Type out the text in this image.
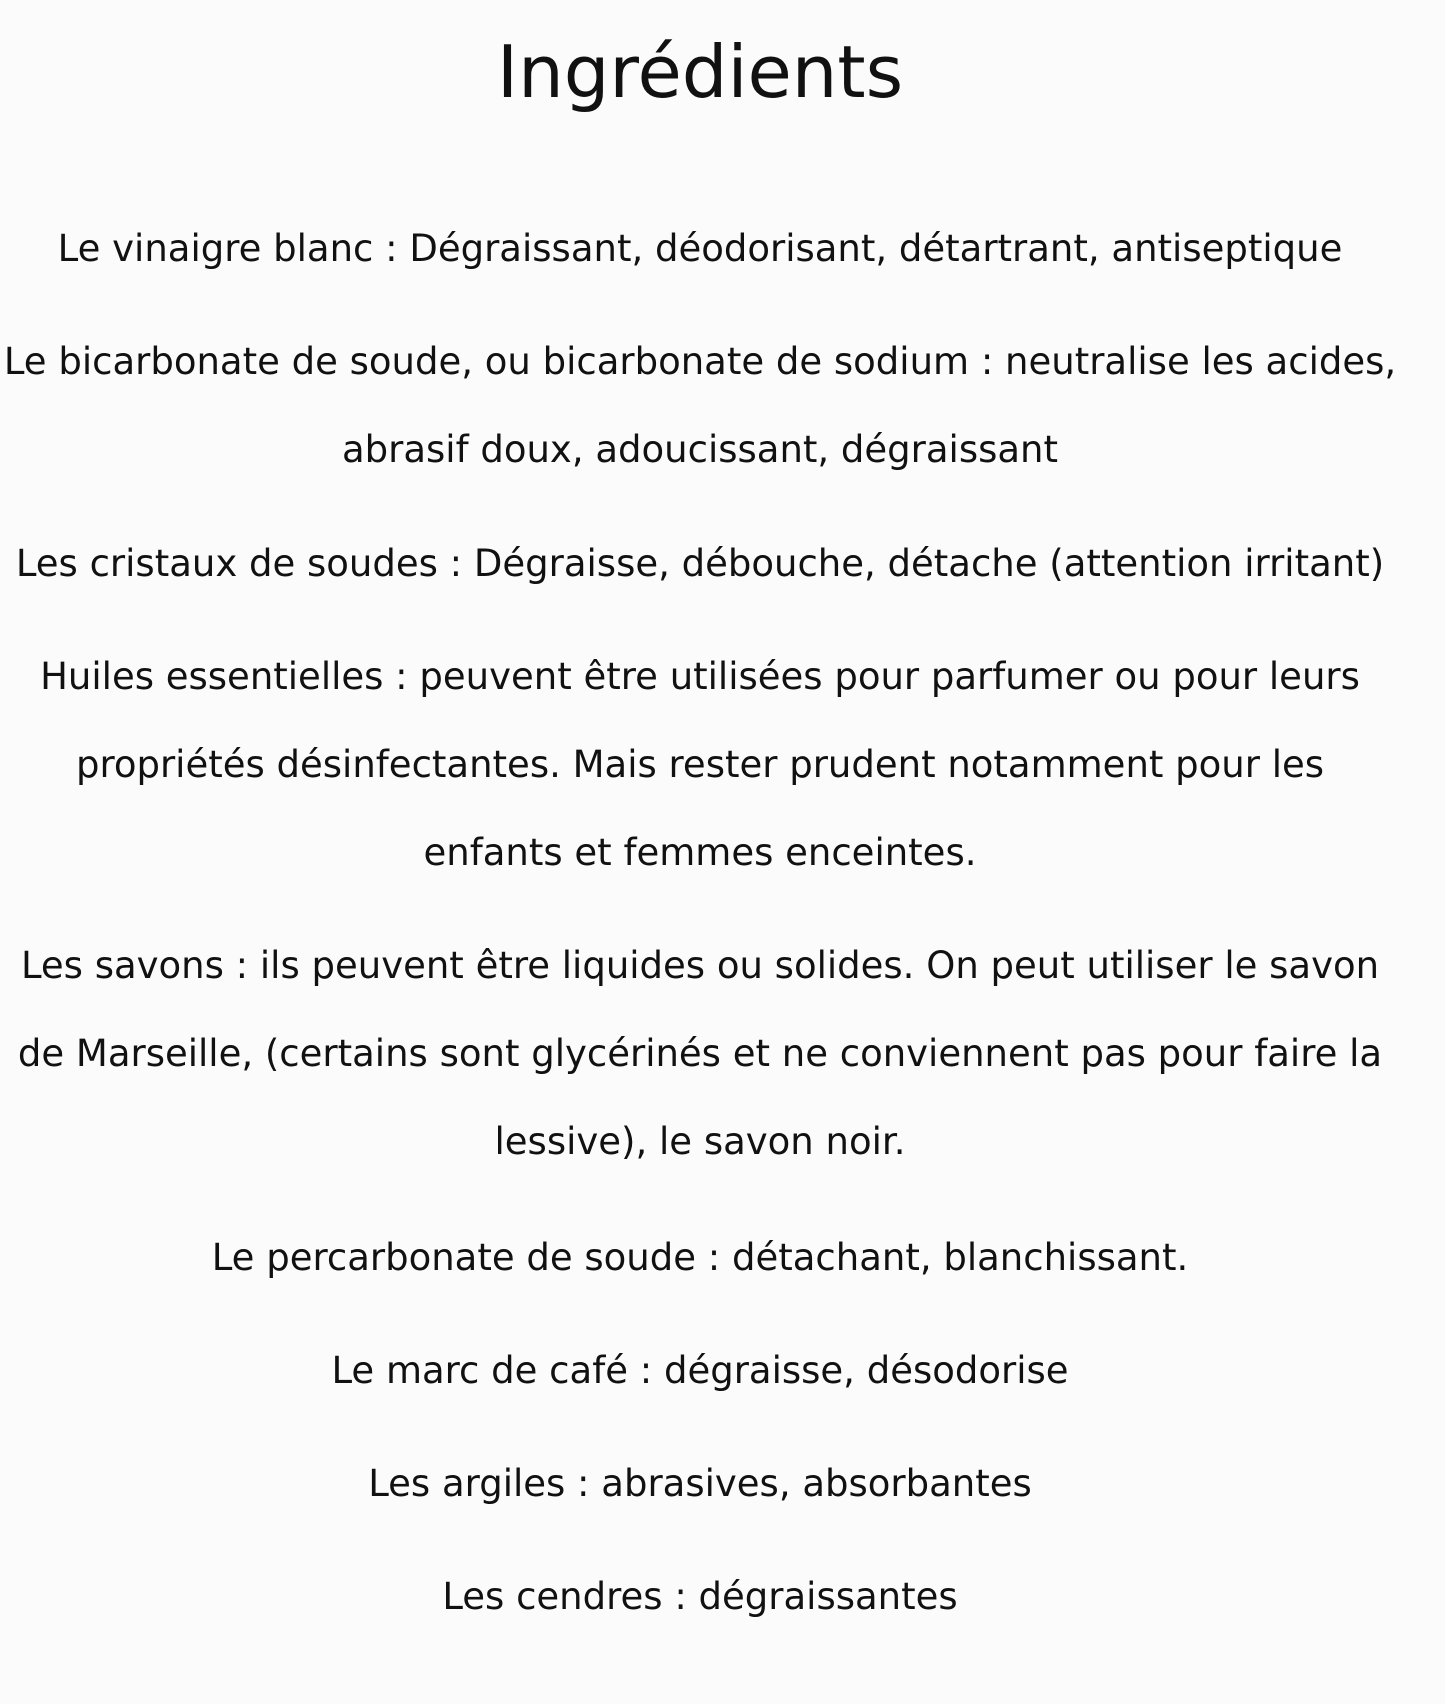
Ingrédients

Le vinaigre blanc : Dégraissant, déodorisant, détartrant, antiseptique

Le bicarbonate de soude, ou bicarbonate de sodium : neutralise les acides,
abrasif doux, adoucissant, dégraissant

Les cristaux de soudes : Dégraisse, débouche, détache (attention irritant)

Huiles essentielles : peuvent être utilisées pour parfumer ou pour leurs
propriétés désinfectantes. Mais rester prudent notamment pour les
enfants et femmes enceintes.

Les savons : ils peuvent être liquides ou solides. On peut utiliser le savon
de Marseille, (certains sont glycérinés et ne conviennent pas pour faire la
lessive), le savon noir.

Le percarbonate de soude : détachant, blanchissant.

Le marc de café : dégraisse, désodorise

Les argiles : abrasives, absorbantes

Les cendres : dégraissantes
